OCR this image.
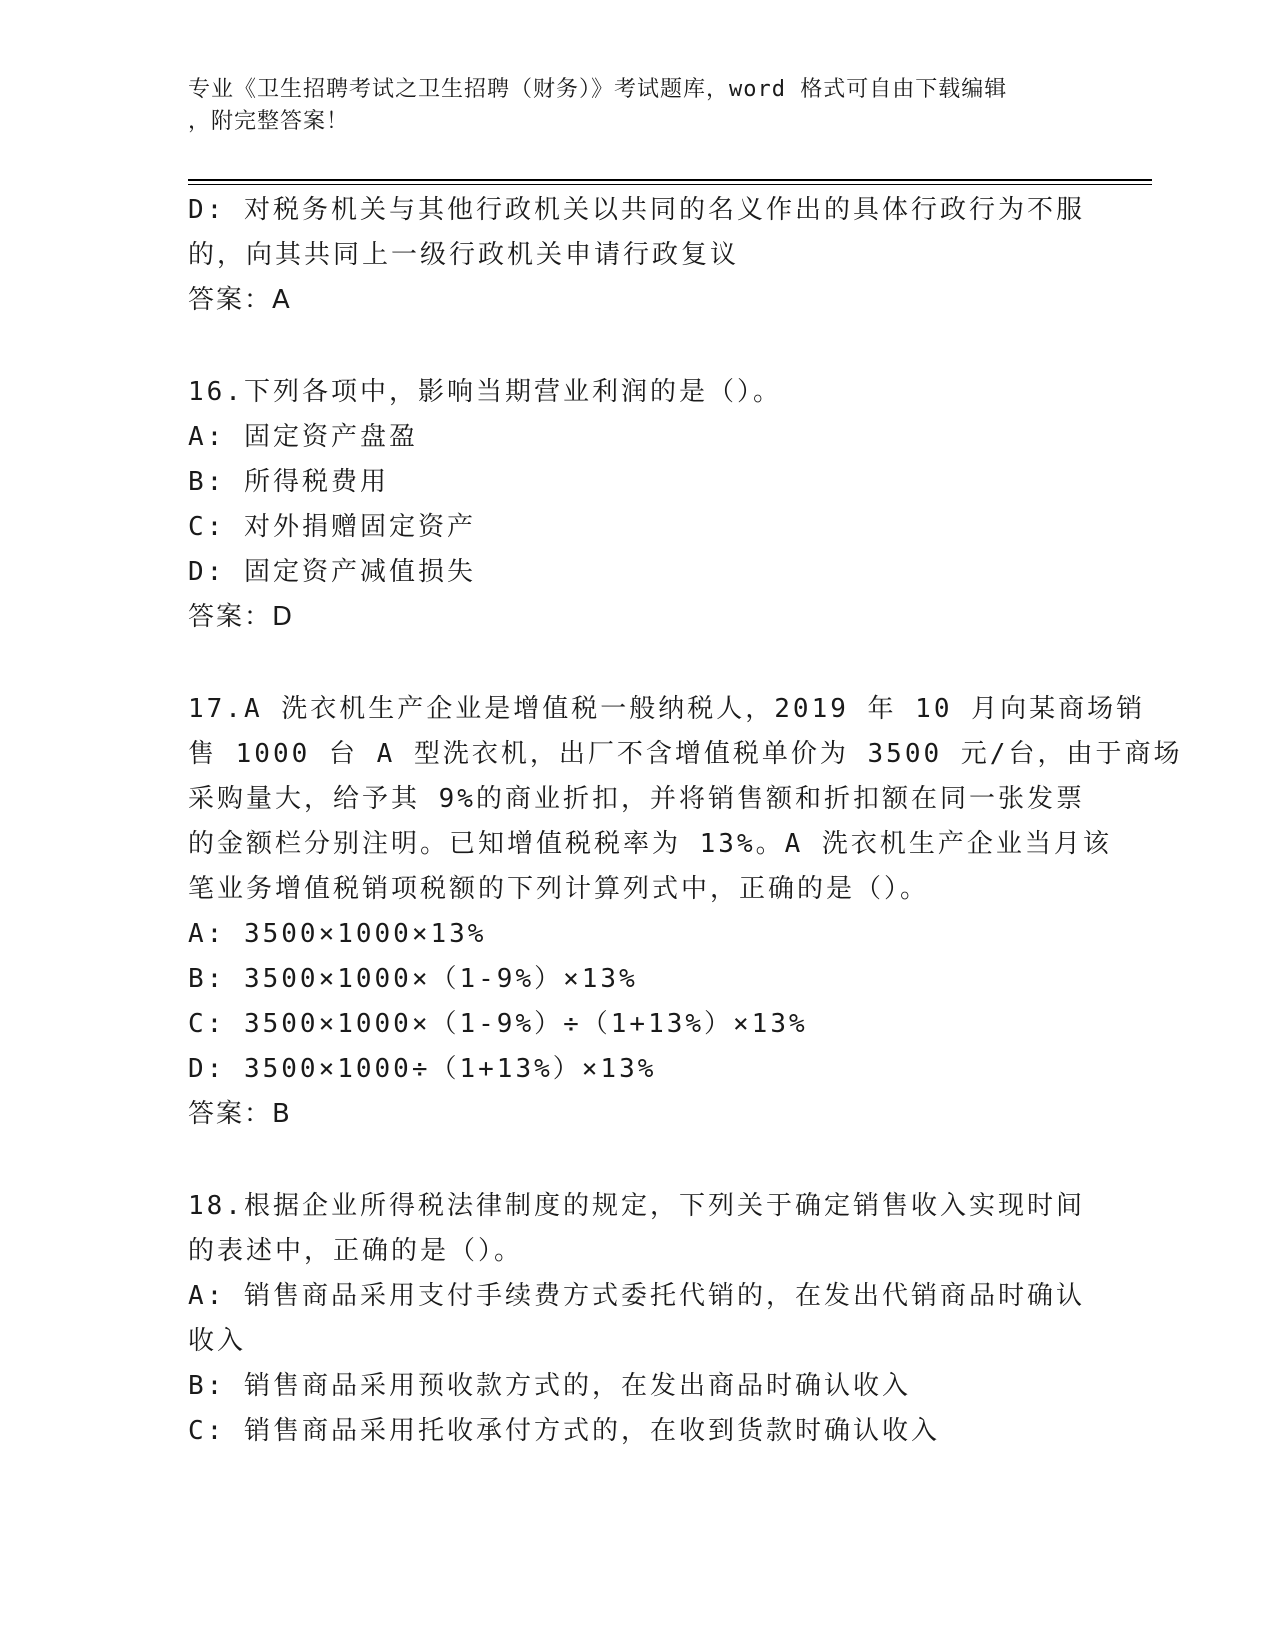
专业《卫生招聘考试之卫生招聘（财务）》考试题库，word 格式可自由下载编辑
，附完整答案！
D: 对税务机关与其他行政机关以共同的名义作出的具体行政行为不服
的，向其共同上一级行政机关申请行政复议
答案：A
16.下列各项中，影响当期营业利润的是（）。
A: 固定资产盘盈
B: 所得税费用
C: 对外捐赠固定资产
D: 固定资产减值损失
答案：D
17.A 洗衣机生产企业是增值税一般纳税人，2019 年 10 月向某商场销
售 1000 台 A 型洗衣机，出厂不含增值税单价为 3500 元/台，由于商场
采购量大，给予其 9%的商业折扣，并将销售额和折扣额在同一张发票
的金额栏分别注明。已知增值税税率为 13%。A 洗衣机生产企业当月该
笔业务增值税销项税额的下列计算列式中，正确的是（）。
A: 3500×1000×13%
B: 3500×1000×（1-9%）×13%
C: 3500×1000×（1-9%）÷（1+13%）×13%
D: 3500×1000÷（1+13%）×13%
答案：B
18.根据企业所得税法律制度的规定，下列关于确定销售收入实现时间
的表述中，正确的是（）。
A: 销售商品采用支付手续费方式委托代销的，在发出代销商品时确认
收入
B: 销售商品采用预收款方式的，在发出商品时确认收入
C: 销售商品采用托收承付方式的，在收到货款时确认收入
